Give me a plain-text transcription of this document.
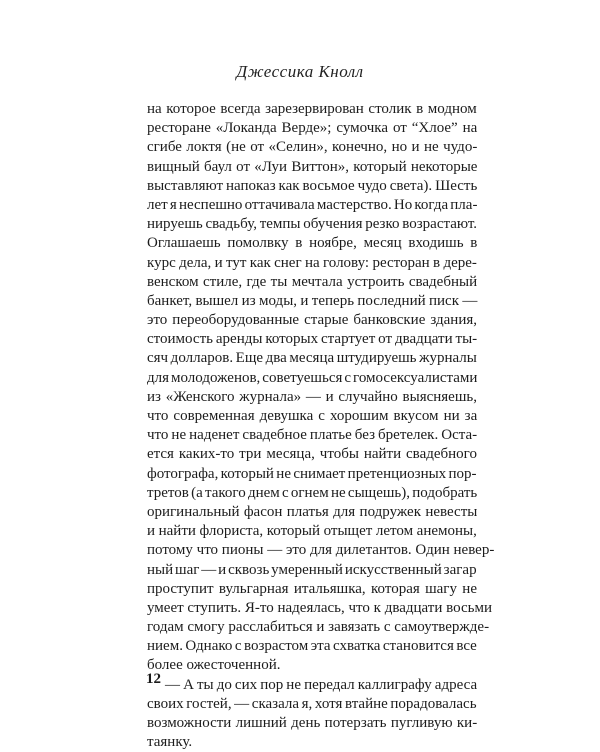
Джессика Кнолл
на которое всегда зарезервирован столик в модном
ресторане «Локанда Верде»; сумочка от “Хлое” на
сгибе локтя (не от «Селин», конечно, но и не чудо-
вищный баул от «Луи Виттон», который некоторые
выставляют напоказ как восьмое чудо света). Шесть
лет я неспешно оттачивала мастерство. Но когда пла-
нируешь свадьбу, темпы обучения резко возрастают.
Оглашаешь помолвку в ноябре, месяц входишь в
курс дела, и тут как снег на голову: ресторан в дере-
венском стиле, где ты мечтала устроить свадебный
банкет, вышел из моды, и теперь последний писк —
это переоборудованные старые банковские здания,
стоимость аренды которых стартует от двадцати ты-
сяч долларов. Еще два месяца штудируешь журналы
для молодоженов, советуешься с гомосексуалистами
из «Женского журнала» — и случайно выясняешь,
что современная девушка с хорошим вкусом ни за
что не наденет свадебное платье без бретелек. Оста-
ется каких-то три месяца, чтобы найти свадебного
фотографа, который не снимает претенциозных пор-
третов (а такого днем с огнем не сыщешь), подобрать
оригинальный фасон платья для подружек невесты
и найти флориста, который отыщет летом анемоны,
потому что пионы — это для дилетантов. Один невер-
ный шаг — и сквозь умеренный искусственный загар
проступит вульгарная итальяшка, которая шагу не
умеет ступить. Я-то надеялась, что к двадцати восьми
годам смогу расслабиться и завязать с самоутвержде-
нием. Однако с возрастом эта схватка становится все
более ожесточенной.
— А ты до сих пор не передал каллиграфу адреса
своих гостей, — сказала я, хотя втайне порадовалась
возможности лишний день потерзать пугливую ки-
таянку.
12
